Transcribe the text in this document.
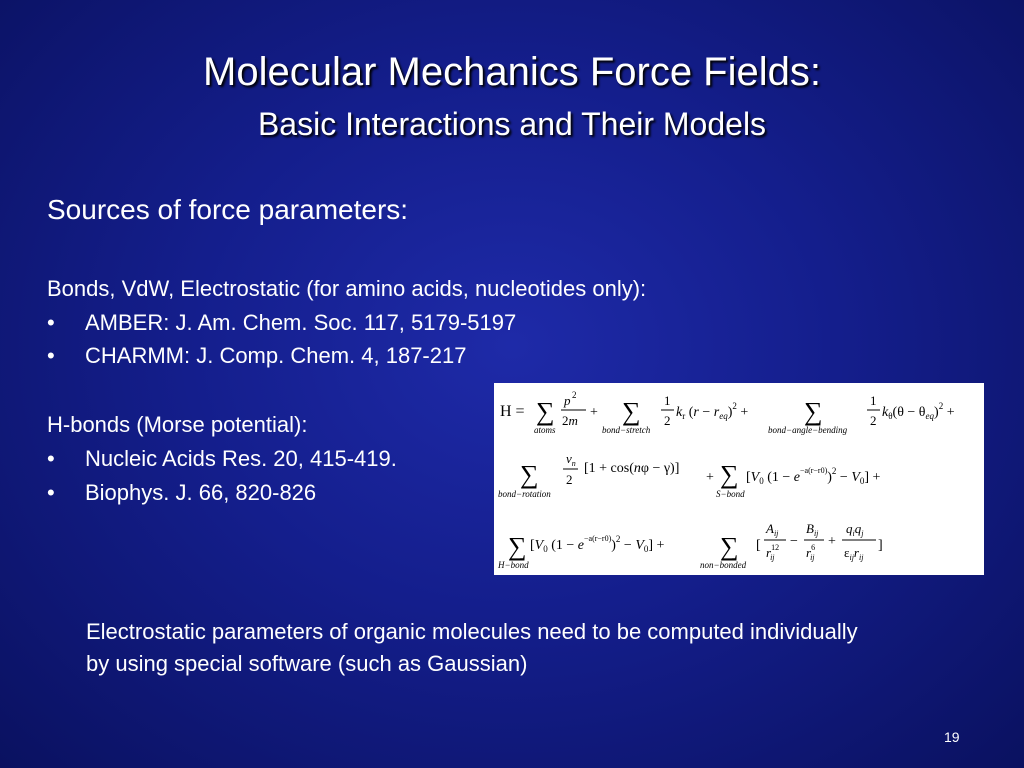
Molecular Mechanics Force Fields:
Basic Interactions and Their Models
Sources of force parameters:
Bonds, VdW, Electrostatic (for amino acids, nucleotides only):
• AMBER: J. Am. Chem. Soc. 117, 5179-5197
• CHARMM: J. Comp. Chem. 4, 187-217
H-bonds (Morse potential):
• Nucleic Acids Res. 20, 415-419.
• Biophys. J. 66, 820-826
H = ∑
atoms
p 2
2m
+ ∑
bond−stretch
1
2
$k_r$ $(r - r_{eq})^2$ + ∑
bond−angle−bending
1
2
$k_\theta(\theta - \theta_{eq})^2$ +
∑
bond−rotation
$v_n$
2
[1 + cos(nφ − γ)]
+ ∑
S−bond
[$V_0$ $(1 - e^{-a(r-r0)})^2 - V_0$] +
∑
H−bond
[$V_0$ $(1 - e^{-a(r-r0)})^2 - V_0$] + ∑
non−bonded
[
$A_{ij}$
$r^{12}$ ij
−
$B_{ij}$
$r^6$ ij
+
$q_iq_j$
$\varepsilon_{ij}r_{ij}$
]
Electrostatic parameters of organic molecules need to be computed individually by using special software (such as Gaussian)
19
